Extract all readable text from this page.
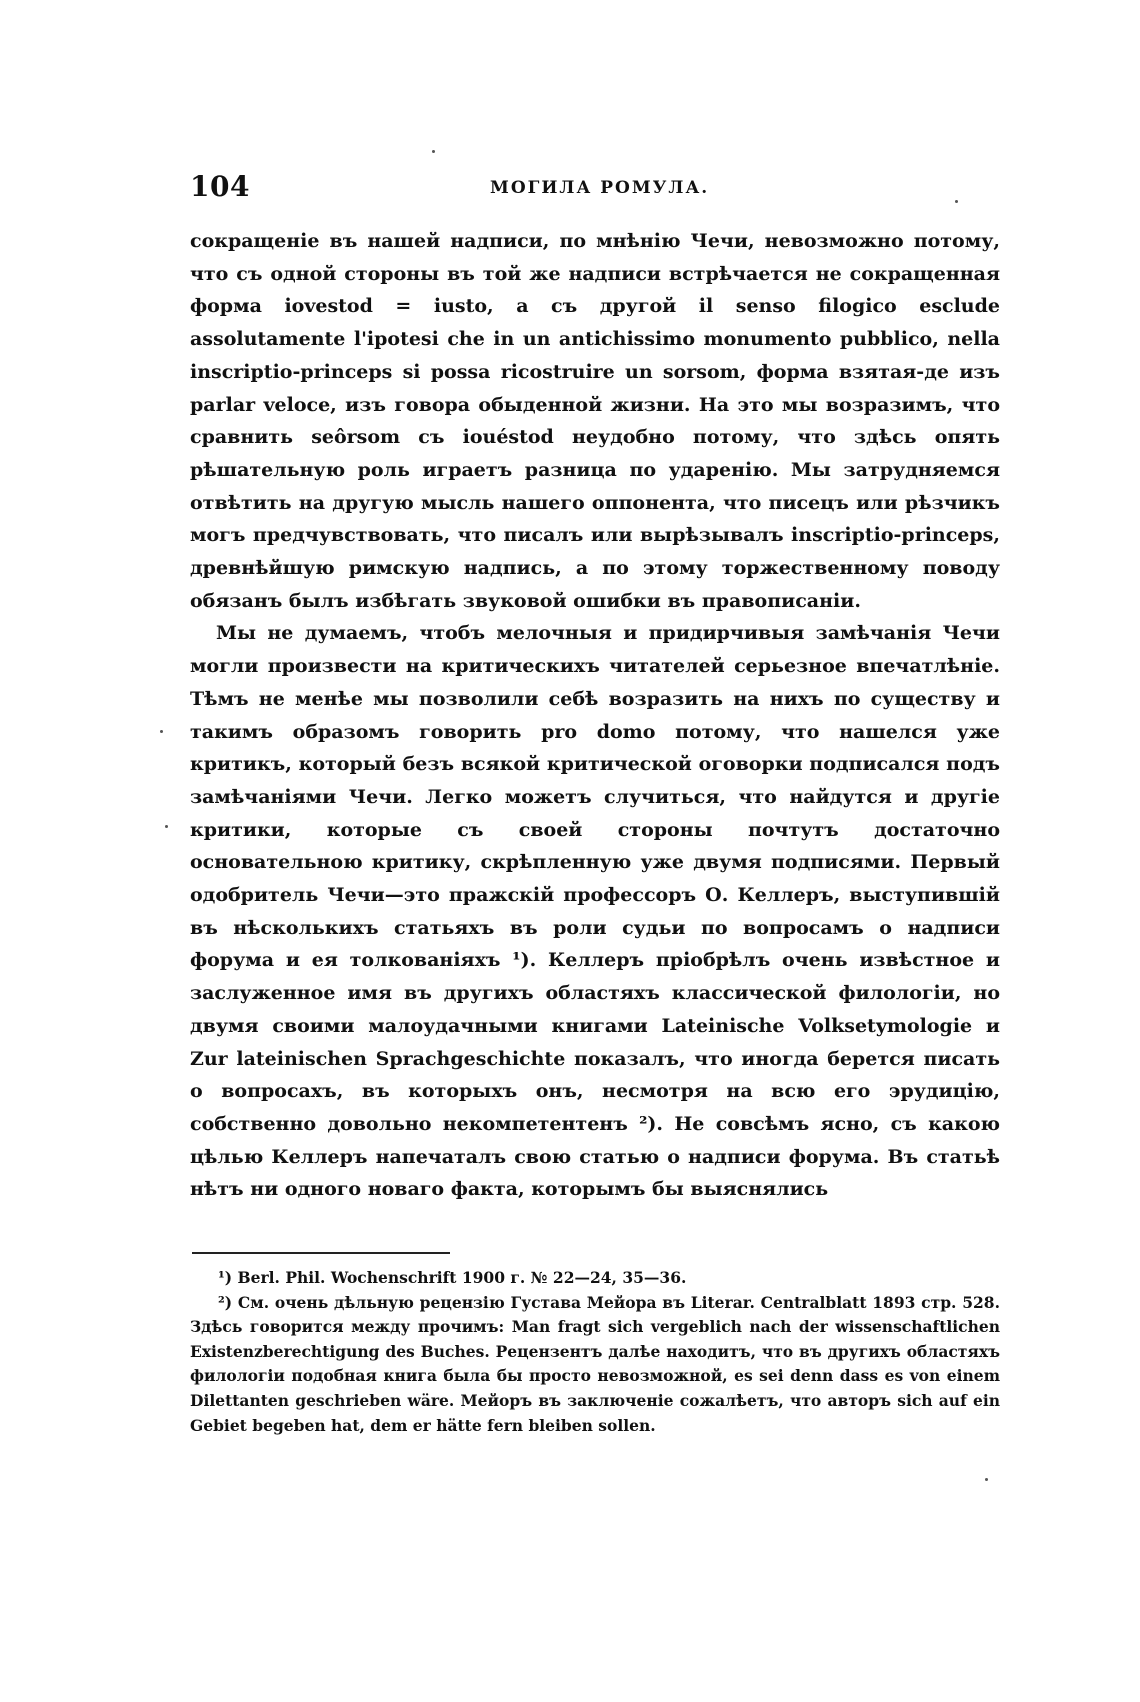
104	МОГИЛА РОМУЛА.

сокращеніе въ нашей надписи, по мнѣнію Чечи, невозможно потому, что съ одной стороны въ той же надписи встрѣчается не сокращенная форма iovestod = iusto, а съ другой il senso filogico esclude assolutamente l'ipotesi che in un antichissimo monumento pubblico, nella inscriptio-princeps si possa ricostruire un sorsom, форма взятая-де изъ parlar veloce, изъ говора обыденной жизни. На это мы возразимъ, что сравнить seôrsom съ iouéstod неудобно потому, что здѣсь опять рѣшательную роль играетъ разница по ударенію. Мы затрудняемся отвѣтить на другую мысль нашего оппонента, что писецъ или рѣзчикъ могъ предчувствовать, что писалъ или вырѣзывалъ inscriptio-princeps, древнѣйшую римскую надпись, а по этому торжественному поводу обязанъ былъ избѣгать звуковой ошибки въ правописаніи.

Мы не думаемъ, чтобъ мелочныя и придирчивыя замѣчанія Чечи могли произвести на критическихъ читателей серьезное впечатлѣніе. Тѣмъ не менѣе мы позволили себѣ возразить на нихъ по существу и такимъ образомъ говорить pro domo потому, что нашелся уже критикъ, который безъ всякой критической оговорки подписался подъ замѣчаніями Чечи. Легко можетъ случиться, что найдутся и другіе критики, которые съ своей стороны почтутъ достаточно основательною критику, скрѣпленную уже двумя подписями. Первый одобритель Чечи—это пражскій профессоръ О. Келлеръ, выступившій въ нѣсколькихъ статьяхъ въ роли судьи по вопросамъ о надписи форума и ея толкованіяхъ ¹). Келлеръ пріобрѣлъ очень извѣстное и заслуженное имя въ другихъ областяхъ классической филологіи, но двумя своими малоудачными книгами Lateinische Volksetymologie и Zur lateinischen Sprachgeschichte показалъ, что иногда берется писать о вопросахъ, въ которыхъ онъ, несмотря на всю его эрудицію, собственно довольно некомпетентенъ ²). Не совсѣмъ ясно, съ какою цѣлью Келлеръ напечаталъ свою статью о надписи форума. Въ статьѣ нѣтъ ни одного новаго факта, которымъ бы выяснялись

¹) Berl. Phil. Wochenschrift 1900 г. № 22—24, 35—36.

²) См. очень дѣльную рецензію Густава Мейора въ Literar. Centralblatt 1893 стр. 528. Здѣсь говорится между прочимъ: Man fragt sich vergeblich nach der wissenschaftlichen Existenzberechtigung des Buches. Рецензентъ далѣе находитъ, что въ другихъ областяхъ филологіи подобная книга была бы просто невозможной, es sei denn dass es von einem Dilettanten geschrieben wäre. Мейоръ въ заключеніе сожалѣетъ, что авторъ sich auf ein Gebiet begeben hat, dem er hätte fern bleiben sollen.
